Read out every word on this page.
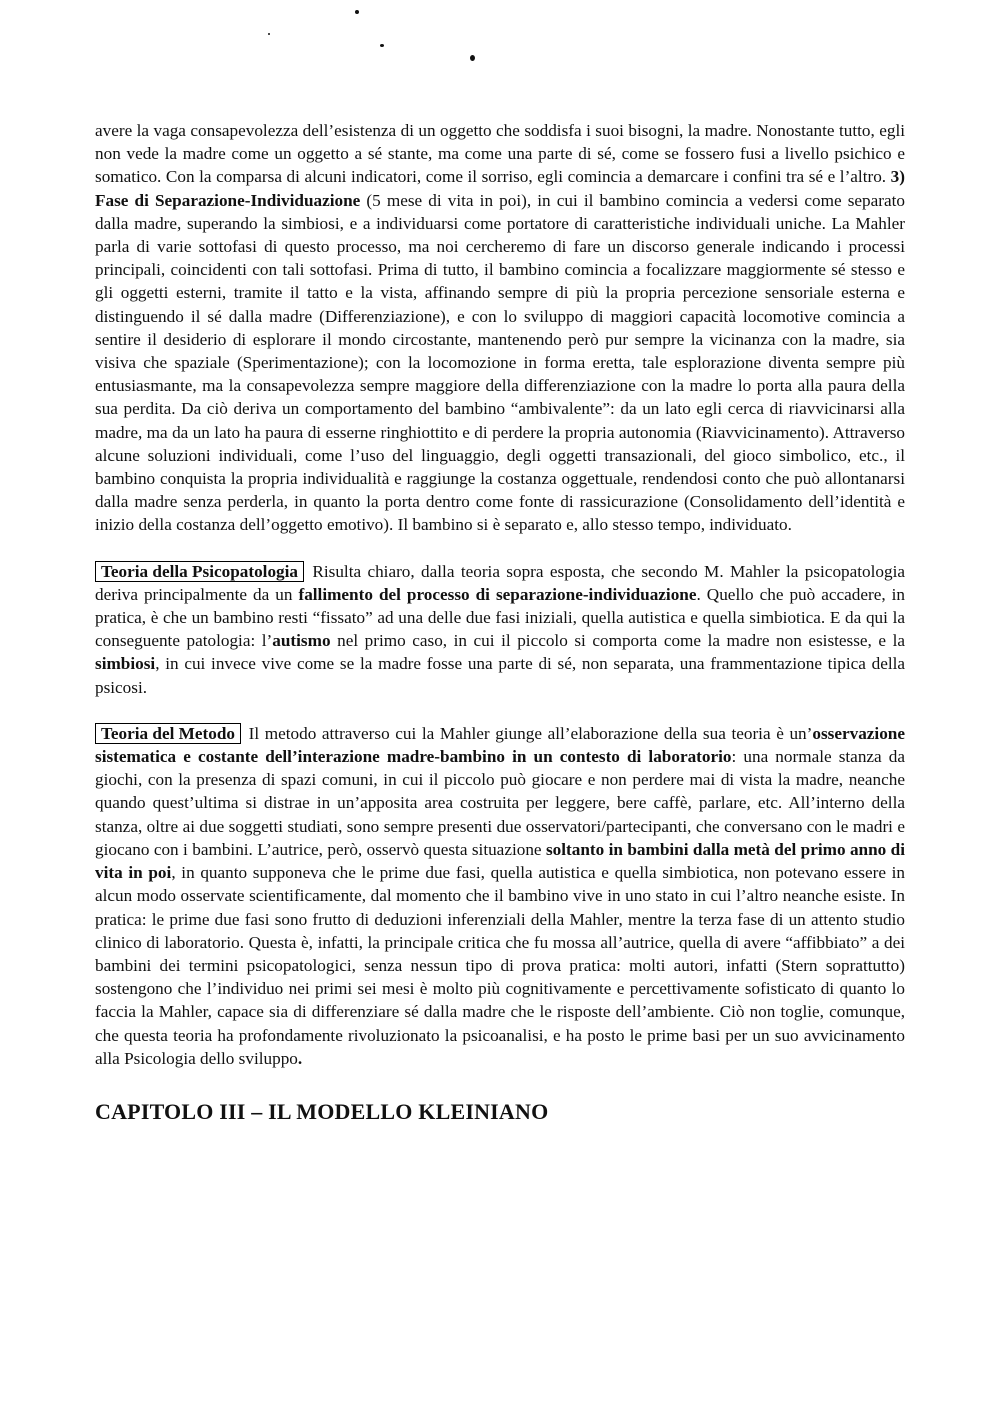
avere la vaga consapevolezza dell’esistenza di un oggetto che soddisfa i suoi bisogni, la madre. Nonostante tutto, egli non vede la madre come un oggetto a sé stante, ma come una parte di sé, come se fossero fusi a livello psichico e somatico. Con la comparsa di alcuni indicatori, come il sorriso, egli comincia a demarcare i confini tra sé e l’altro. 3) Fase di Separazione-Individuazione (5 mese di vita in poi), in cui il bambino comincia a vedersi come separato dalla madre, superando la simbiosi, e a individuarsi come portatore di caratteristiche individuali uniche. La Mahler parla di varie sottofasi di questo processo, ma noi cercheremo di fare un discorso generale indicando i processi principali, coincidenti con tali sottofasi. Prima di tutto, il bambino comincia a focalizzare maggiormente sé stesso e gli oggetti esterni, tramite il tatto e la vista, affinando sempre di più la propria percezione sensoriale esterna e distinguendo il sé dalla madre (Differenziazione), e con lo sviluppo di maggiori capacità locomotive comincia a sentire il desiderio di esplorare il mondo circostante, mantenendo però pur sempre la vicinanza con la madre, sia visiva che spaziale (Sperimentazione); con la locomozione in forma eretta, tale esplorazione diventa sempre più entusiasmante, ma la consapevolezza sempre maggiore della differenziazione con la madre lo porta alla paura della sua perdita. Da ciò deriva un comportamento del bambino “ambivalente”: da un lato egli cerca di riavvicinarsi alla madre, ma da un lato ha paura di esserne ringhiottito e di perdere la propria autonomia (Riavvicinamento). Attraverso alcune soluzioni individuali, come l’uso del linguaggio, degli oggetti transazionali, del gioco simbolico, etc., il bambino conquista la propria individualità e raggiunge la costanza oggettuale, rendendosi conto che può allontanarsi dalla madre senza perderla, in quanto la porta dentro come fonte di rassicurazione (Consolidamento dell’identità e inizio della costanza dell’oggetto emotivo). Il bambino si è separato e, allo stesso tempo, individuato.

Teoria della Psicopatologia Risulta chiaro, dalla teoria sopra esposta, che secondo M. Mahler la psicopatologia deriva principalmente da un fallimento del processo di separazione-individuazione. Quello che può accadere, in pratica, è che un bambino resti “fissato” ad una delle due fasi iniziali, quella autistica e quella simbiotica. E da qui la conseguente patologia: l’autismo nel primo caso, in cui il piccolo si comporta come la madre non esistesse, e la simbiosi, in cui invece vive come se la madre fosse una parte di sé, non separata, una frammentazione tipica della psicosi.

Teoria del Metodo Il metodo attraverso cui la Mahler giunge all’elaborazione della sua teoria è un’osservazione sistematica e costante dell’interazione madre-bambino in un contesto di laboratorio: una normale stanza da giochi, con la presenza di spazi comuni, in cui il piccolo può giocare e non perdere mai di vista la madre, neanche quando quest’ultima si distrae in un’apposita area costruita per leggere, bere caffè, parlare, etc. All’interno della stanza, oltre ai due soggetti studiati, sono sempre presenti due osservatori/partecipanti, che conversano con le madri e giocano con i bambini. L’autrice, però, osservò questa situazione soltanto in bambini dalla metà del primo anno di vita in poi, in quanto supponeva che le prime due fasi, quella autistica e quella simbiotica, non potevano essere in alcun modo osservate scientificamente, dal momento che il bambino vive in uno stato in cui l’altro neanche esiste. In pratica: le prime due fasi sono frutto di deduzioni inferenziali della Mahler, mentre la terza fase di un attento studio clinico di laboratorio. Questa è, infatti, la principale critica che fu mossa all’autrice, quella di avere “affibbiato” a dei bambini dei termini psicopatologici, senza nessun tipo di prova pratica: molti autori, infatti (Stern soprattutto) sostengono che l’individuo nei primi sei mesi è molto più cognitivamente e percettivamente sofisticato di quanto lo faccia la Mahler, capace sia di differenziare sé dalla madre che le risposte dell’ambiente. Ciò non toglie, comunque, che questa teoria ha profondamente rivoluzionato la psicoanalisi, e ha posto le prime basi per un suo avvicinamento alla Psicologia dello sviluppo.

CAPITOLO III – IL MODELLO KLEINIANO
